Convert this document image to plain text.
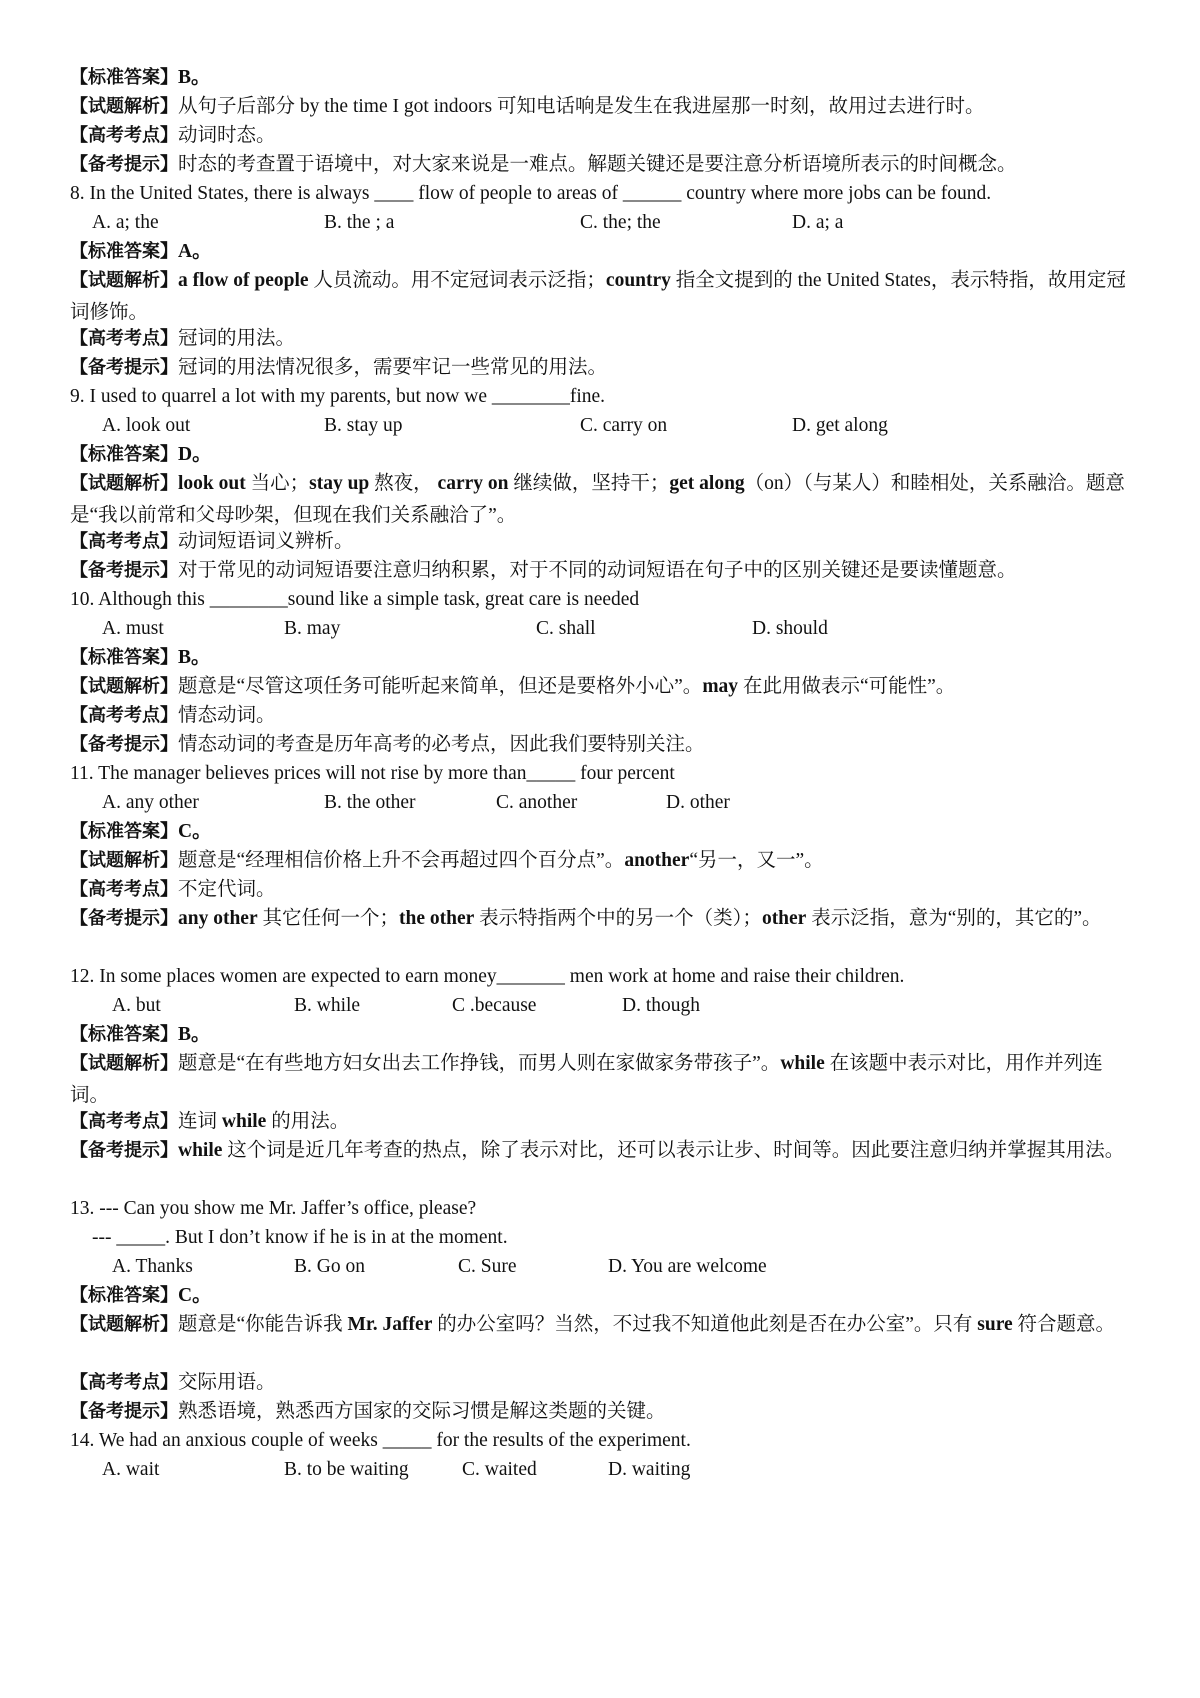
【标准答案】B。
【试题解析】从句子后部分 by the time I got indoors 可知电话响是发生在我进屋那一时刻，故用过去进行时。
【高考考点】动词时态。
【备考提示】时态的考查置于语境中，对大家来说是一难点。解题关键还是要注意分析语境所表示的时间概念。
8. In the United States, there is always ____ flow of people to areas of ______ country where more jobs can be found.
A. a; the	B. the ; a	C. the; the	D. a; a
【标准答案】A。
【试题解析】a flow of people 人员流动。用不定冠词表示泛指；country 指全文提到的 the United States，表示特指，故用定冠词修饰。
【高考考点】冠词的用法。
【备考提示】冠词的用法情况很多，需要牢记一些常见的用法。
9. I used to quarrel a lot with my parents, but now we ________fine.
A. look out	B. stay up	C. carry on	D. get along
【标准答案】D。
【试题解析】look out 当心；stay up 熬夜， carry on 继续做，坚持干；get along（on）（与某人）和睦相处，关系融洽。题意是“我以前常和父母吵架，但现在我们关系融洽了”。
【高考考点】动词短语词义辨析。
【备考提示】对于常见的动词短语要注意归纳积累，对于不同的动词短语在句子中的区别关键还是要读懂题意。
10. Although this ________sound like a simple task, great care is needed
A. must	B. may	C. shall	D. should
【标准答案】B。
【试题解析】题意是“尽管这项任务可能听起来简单，但还是要格外小心”。may 在此用做表示“可能性”。
【高考考点】情态动词。
【备考提示】情态动词的考查是历年高考的必考点，因此我们要特别关注。
11. The manager believes prices will not rise by more than_____ four percent
A. any other	B. the other	C. another	D. other
【标准答案】C。
【试题解析】题意是“经理相信价格上升不会再超过四个百分点”。another“另一，又一”。
【高考考点】不定代词。
【备考提示】any other 其它任何一个；the other 表示特指两个中的另一个（类）；other 表示泛指，意为“别的，其它的”。
12. In some places women are expected to earn money_______ men work at home and raise their children.
A. but	B. while	C .because	D. though
【标准答案】B。
【试题解析】题意是“在有些地方妇女出去工作挣钱，而男人则在家做家务带孩子”。while 在该题中表示对比，用作并列连词。
【高考考点】连词 while 的用法。
【备考提示】while 这个词是近几年考查的热点，除了表示对比，还可以表示让步、时间等。因此要注意归纳并掌握其用法。
13. --- Can you show me Mr. Jaffer’s office, please?
--- _____. But I don’t know if he is in at the moment.
A. Thanks	B. Go on	C. Sure	D. You are welcome
【标准答案】C。
【试题解析】题意是“你能告诉我 Mr. Jaffer 的办公室吗？当然，不过我不知道他此刻是否在办公室”。只有 sure 符合题意。
【高考考点】交际用语。
【备考提示】熟悉语境，熟悉西方国家的交际习惯是解这类题的关键。
14. We had an anxious couple of weeks _____ for the results of the experiment.
A. wait	B. to be waiting	C. waited	D. waiting
